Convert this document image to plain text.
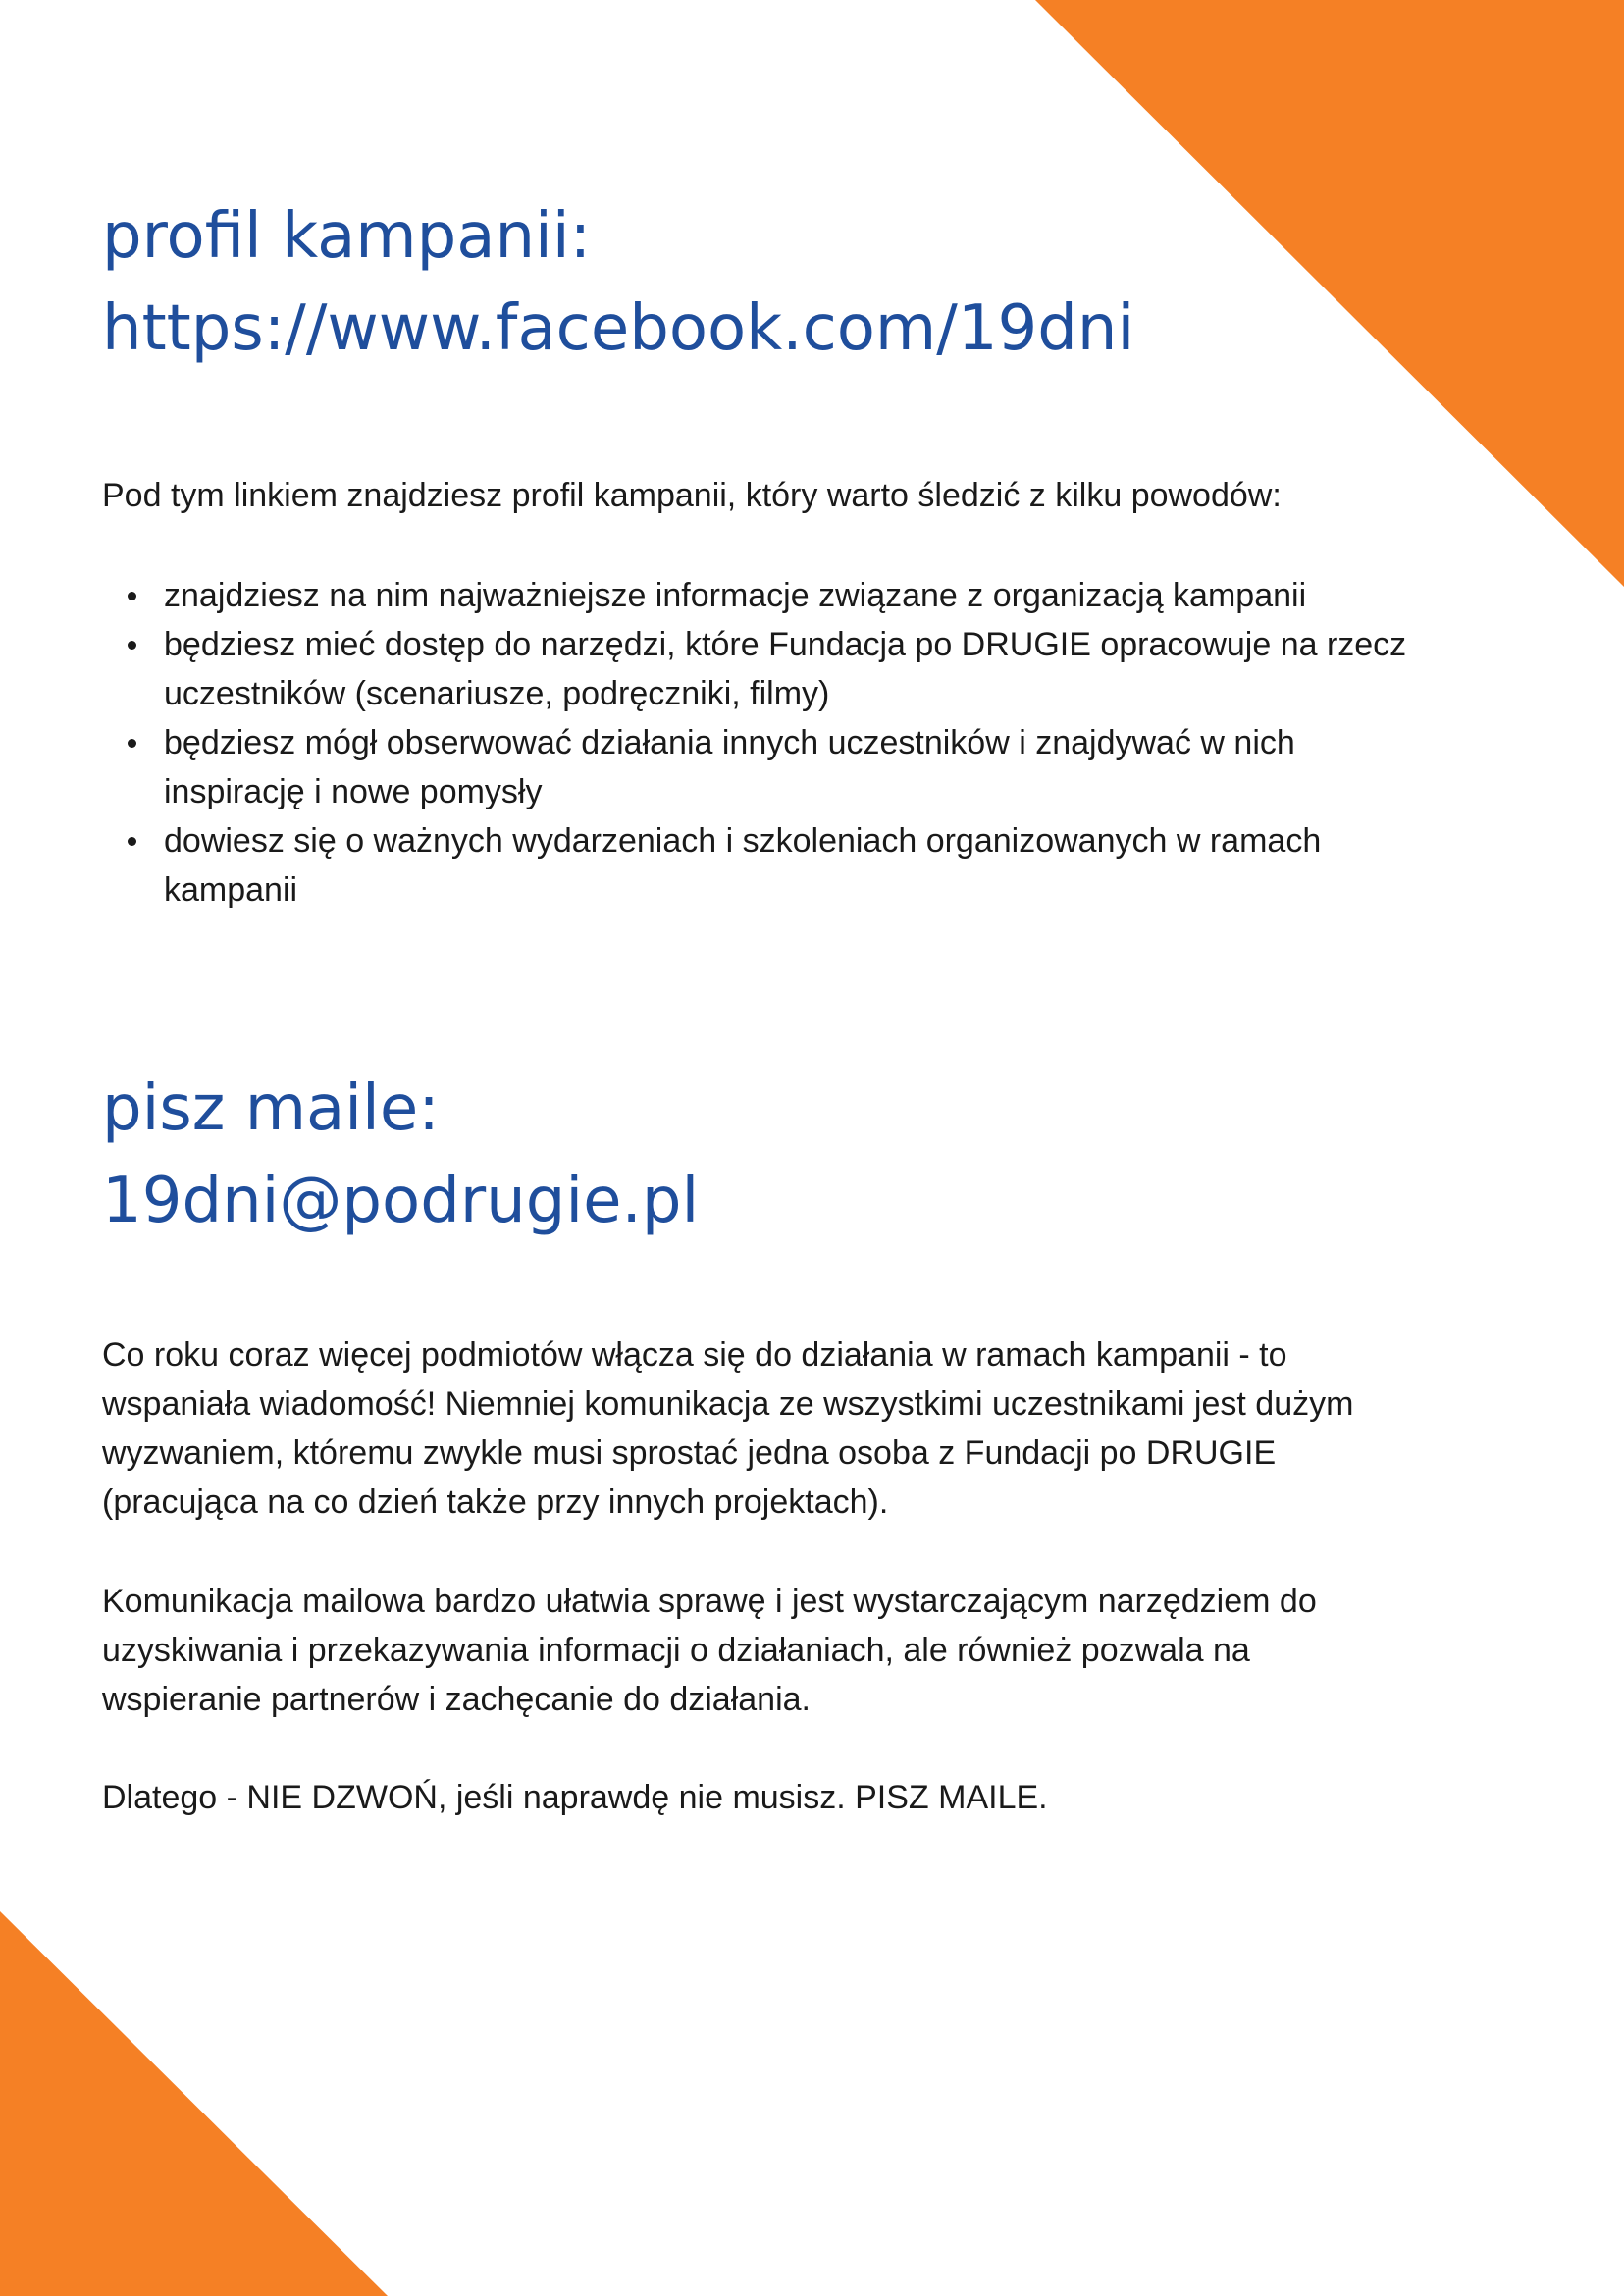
profil kampanii:
https://www.facebook.com/19dni

Pod tym linkiem znajdziesz profil kampanii, który warto śledzić z kilku powodów:

znajdziesz na nim najważniejsze informacje związane z organizacją kampanii
będziesz mieć dostęp do narzędzi, które Fundacja po DRUGIE opracowuje na rzecz uczestników (scenariusze, podręczniki, filmy)
będziesz mógł obserwować działania innych uczestników i znajdywać w nich inspirację i nowe pomysły
dowiesz się o ważnych wydarzeniach i szkoleniach organizowanych w ramach kampanii
pisz maile:
19dni@podrugie.pl

Co roku coraz więcej podmiotów włącza się do działania w ramach kampanii - to wspaniała wiadomość! Niemniej komunikacja ze wszystkimi uczestnikami jest dużym wyzwaniem, któremu zwykle musi sprostać jedna osoba z Fundacji po DRUGIE (pracująca na co dzień także przy innych projektach).

Komunikacja mailowa bardzo ułatwia sprawę i jest wystarczającym narzędziem do uzyskiwania i przekazywania informacji o działaniach, ale również pozwala na wspieranie partnerów i zachęcanie do działania.

Dlatego - NIE DZWOŃ, jeśli naprawdę nie musisz. PISZ MAILE.
